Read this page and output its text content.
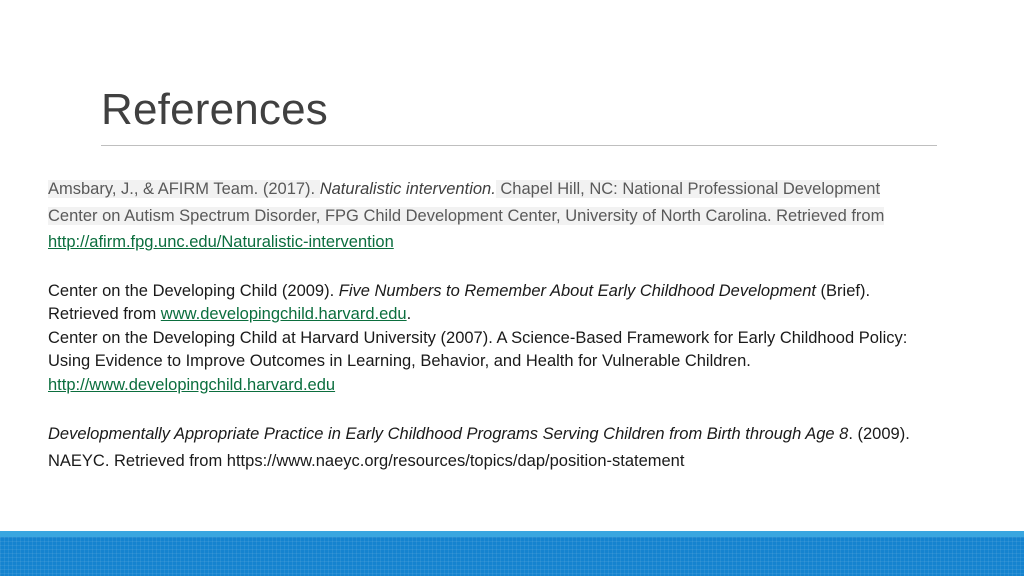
References
Amsbary, J., & AFIRM Team. (2017). Naturalistic intervention. Chapel Hill, NC: National Professional Development
Center on Autism Spectrum Disorder, FPG Child Development Center, University of North Carolina. Retrieved from
http://afirm.fpg.unc.edu/Naturalistic-intervention
Center on the Developing Child (2009). Five Numbers to Remember About Early Childhood Development (Brief).
Retrieved from www.developingchild.harvard.edu.
Center on the Developing Child at Harvard University (2007). A Science-Based Framework for Early Childhood Policy:
Using Evidence to Improve Outcomes in Learning, Behavior, and Health for Vulnerable Children.
http://www.developingchild.harvard.edu
Developmentally Appropriate Practice in Early Childhood Programs Serving Children from Birth through Age 8. (2009).
NAEYC. Retrieved from https://www.naeyc.org/resources/topics/dap/position-statement
